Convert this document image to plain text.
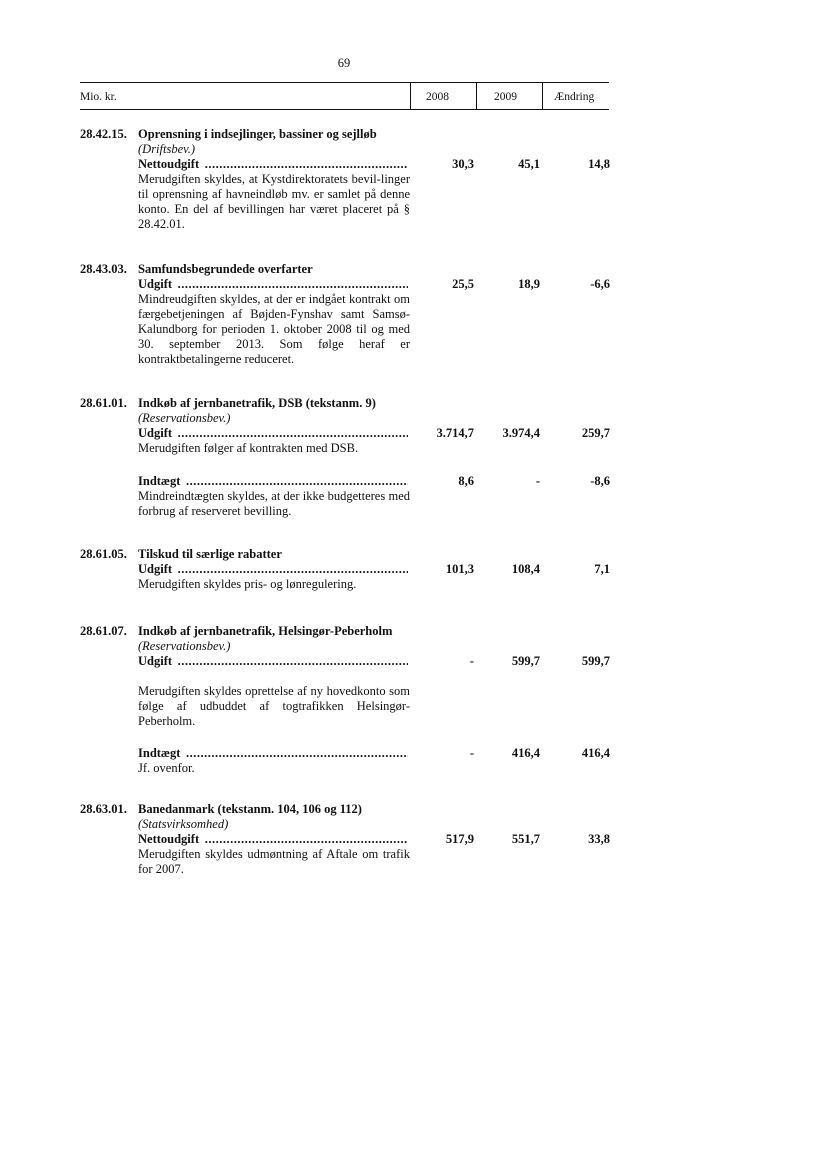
69
Mio. kr.	2008	2009	Ændring
28.42.15. Oprensning i indsejlinger, bassiner og sejlløb
(Driftsbev.)
Nettoudgift .....	30,3	45,1	14,8
Merudgiften skyldes, at Kystdirektoratets bevil-linger til oprensning af havneindløb mv. er samlet på denne konto. En del af bevillingen har været placeret på § 28.42.01.
28.43.03. Samfundsbegrundede overfarter
Udgift .....	25,5	18,9	-6,6
Mindreudgiften skyldes, at der er indgået kontrakt om færgebetjeningen af Bøjden-Fynshav samt Samsø-Kalundborg for perioden 1. oktober 2008 til og med 30. september 2013. Som følge heraf er kontraktbetalingerne reduceret.
28.61.01. Indkøb af jernbanetrafik, DSB (tekstanm. 9)
(Reservationsbev.)
Udgift .....	3.714,7	3.974,4	259,7
Merudgiften følger af kontrakten med DSB.
Indtægt .....	8,6	-	-8,6
Mindreindtægten skyldes, at der ikke budgetteres med forbrug af reserveret bevilling.
28.61.05. Tilskud til særlige rabatter
Udgift .....	101,3	108,4	7,1
Merudgiften skyldes pris- og lønregulering.
28.61.07. Indkøb af jernbanetrafik, Helsingør-Peberholm
(Reservationsbev.)
Udgift .....	-	599,7	599,7
Merudgiften skyldes oprettelse af ny hovedkonto som følge af udbuddet af togtrafikken Helsingør-Peberholm.
Indtægt .....	-	416,4	416,4
Jf. ovenfor.
28.63.01. Banedanmark (tekstanm. 104, 106 og 112)
(Statsvirksomhed)
Nettoudgift .....	517,9	551,7	33,8
Merudgiften skyldes udmøntning af Aftale om trafik for 2007.
